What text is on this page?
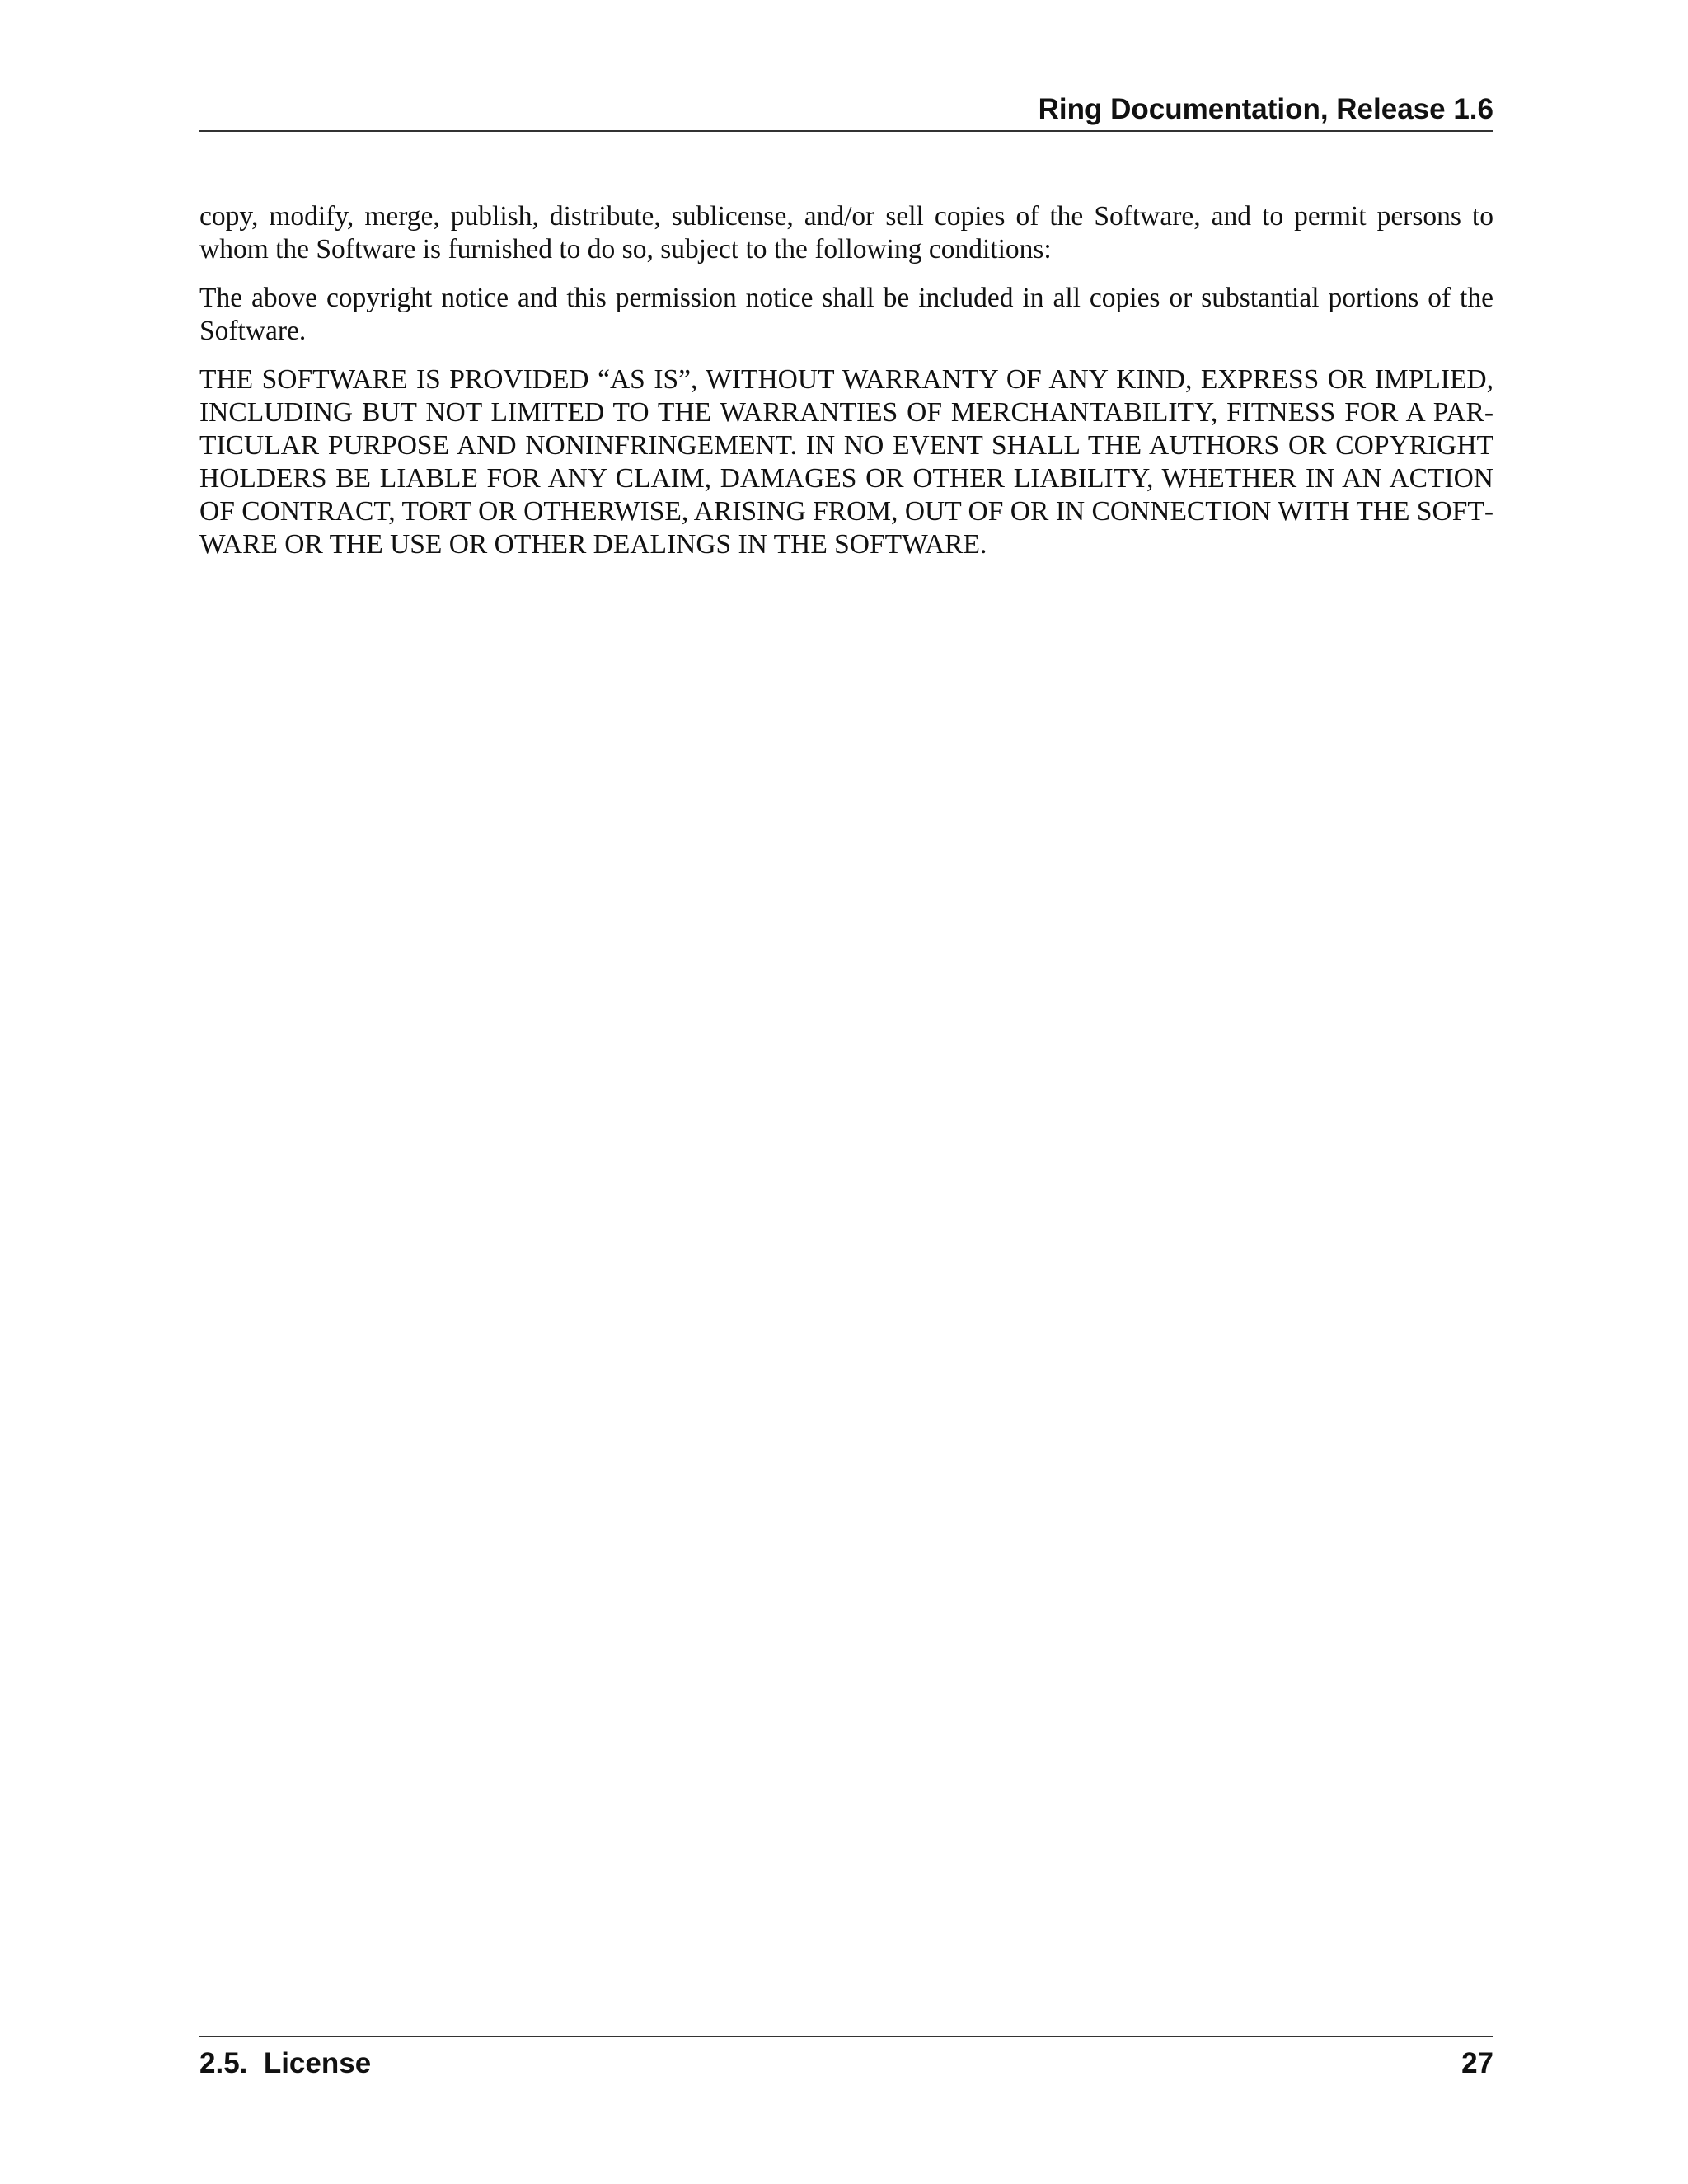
Ring Documentation, Release 1.6

copy, modify, merge, publish, distribute, sublicense, and/or sell copies of the Software, and to permit persons to whom the Software is furnished to do so, subject to the following conditions:

The above copyright notice and this permission notice shall be included in all copies or substantial portions of the Software.

THE SOFTWARE IS PROVIDED “AS IS”, WITHOUT WARRANTY OF ANY KIND, EXPRESS OR IMPLIED, INCLUDING BUT NOT LIMITED TO THE WARRANTIES OF MERCHANTABILITY, FITNESS FOR A PARTICULAR PURPOSE AND NONINFRINGEMENT. IN NO EVENT SHALL THE AUTHORS OR COPYRIGHT HOLDERS BE LIABLE FOR ANY CLAIM, DAMAGES OR OTHER LIABILITY, WHETHER IN AN ACTION OF CONTRACT, TORT OR OTHERWISE, ARISING FROM, OUT OF OR IN CONNECTION WITH THE SOFTWARE OR THE USE OR OTHER DEALINGS IN THE SOFTWARE.

2.5.  License	27
